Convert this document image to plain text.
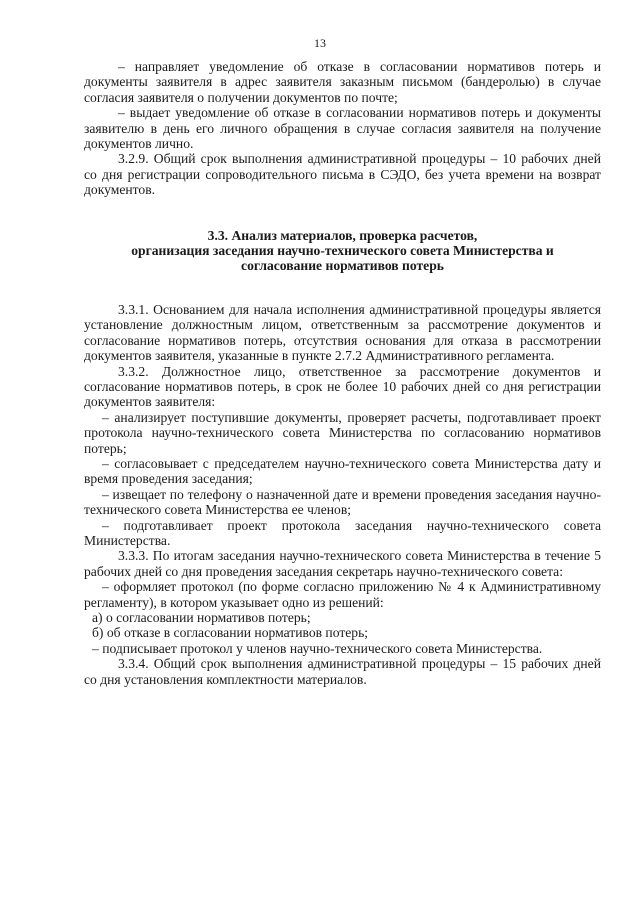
13

– направляет уведомление об отказе в согласовании нормативов потерь и документы заявителя в адрес заявителя заказным письмом (бандеролью) в случае согласия заявителя о получении документов по почте;

– выдает уведомление об отказе в согласовании нормативов потерь и документы заявителю в день его личного обращения в случае согласия заявителя на получение документов лично.

3.2.9. Общий срок выполнения административной процедуры – 10 рабочих дней со дня регистрации сопроводительного письма в СЭДО, без учета времени на возврат документов.

3.3. Анализ материалов, проверка расчетов,
организация заседания научно-технического совета Министерства и
согласование нормативов потерь

3.3.1. Основанием для начала исполнения административной процедуры является установление должностным лицом, ответственным за рассмотрение документов и согласование нормативов потерь, отсутствия основания для отказа в рассмотрении документов заявителя, указанные в пункте 2.7.2 Административного регламента.

3.3.2. Должностное лицо, ответственное за рассмотрение документов и согласование нормативов потерь, в срок не более 10 рабочих дней со дня регистрации документов заявителя:

– анализирует поступившие документы, проверяет расчеты, подготавливает проект протокола научно-технического совета Министерства по согласованию нормативов потерь;

– согласовывает с председателем научно-технического совета Министерства дату и время проведения заседания;

– извещает по телефону о назначенной дате и времени проведения заседания научно-технического совета Министерства ее членов;

– подготавливает проект протокола заседания научно-технического совета Министерства.

3.3.3. По итогам заседания научно-технического совета Министерства в течение 5 рабочих дней со дня проведения заседания секретарь научно-технического совета:

– оформляет протокол (по форме согласно приложению № 4 к Административному регламенту), в котором указывает одно из решений:

а) о согласовании нормативов потерь;

б) об отказе в согласовании нормативов потерь;

– подписывает протокол у членов научно-технического совета Министерства.

3.3.4. Общий срок выполнения административной процедуры – 15 рабочих дней со дня установления комплектности материалов.
